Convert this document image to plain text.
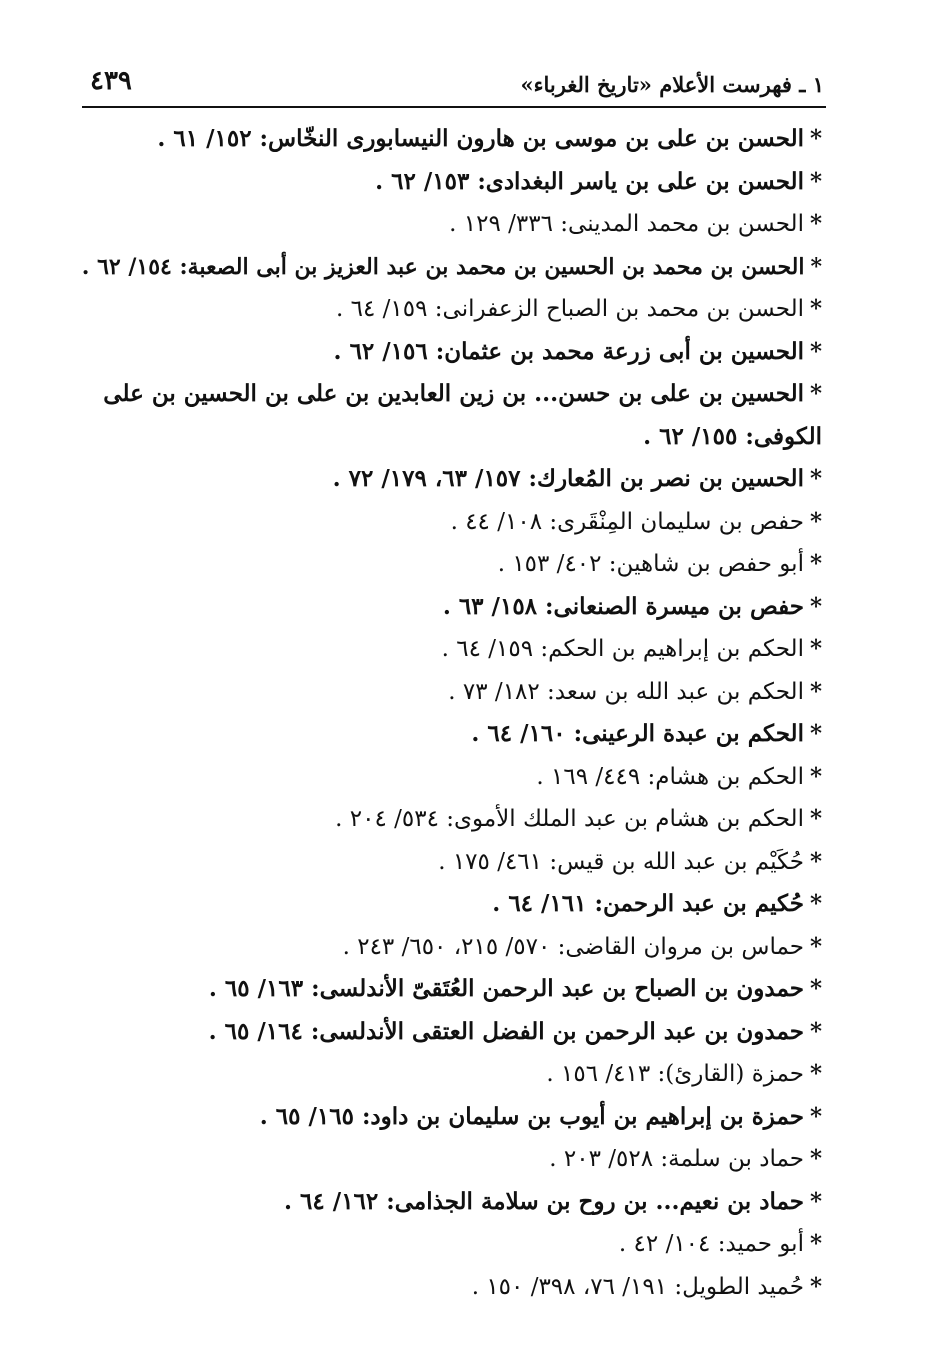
١ ـ فهرست الأعلام «تاريخ الغرباء»
٤٣٩
*الحسن بن على بن موسى بن هارون النيسابورى النخّاس: ١٥٢/ ٦١ .
*الحسن بن على بن ياسر البغدادى: ١٥٣/ ٦٢ .
*الحسن بن محمد المدينى: ٣٣٦/ ١٢٩ .
*الحسن بن محمد بن الحسين بن محمد بن عبد العزيز بن أبى الصعبة: ١٥٤/ ٦٢ .
*الحسن بن محمد بن الصباح الزعفرانى: ١٥٩/ ٦٤ .
*الحسين بن أبى زرعة محمد بن عثمان: ١٥٦/ ٦٢ .
*الحسين بن على بن حسن... بن زين العابدين بن على بن الحسين بن على الكوفى: ١٥٥/ ٦٢ .
*الحسين بن نصر بن المُعارك: ١٥٧/ ٦٣، ١٧٩/ ٧٢ .
*حفص بن سليمان المِنْقَرى: ١٠٨/ ٤٤ .
*أبو حفص بن شاهين: ٤٠٢/ ١٥٣ .
*حفص بن ميسرة الصنعانى: ١٥٨/ ٦٣ .
*الحكم بن إبراهيم بن الحكم: ١٥٩/ ٦٤ .
*الحكم بن عبد الله بن سعد: ١٨٢/ ٧٣ .
*الحكم بن عبدة الرعينى: ١٦٠/ ٦٤ .
*الحكم بن هشام: ٤٤٩/ ١٦٩ .
*الحكم بن هشام بن عبد الملك الأموى: ٥٣٤/ ٢٠٤ .
*حُكَيْم بن عبد الله بن قيس: ٤٦١/ ١٧٥ .
*حُكيم بن عبد الرحمن: ١٦١/ ٦٤ .
*حماس بن مروان القاضى: ٥٧٠/ ٢١٥، ٦٥٠/ ٢٤٣ .
*حمدون بن الصباح بن عبد الرحمن العُتَقىّ الأندلسى: ١٦٣/ ٦٥ .
*حمدون بن عبد الرحمن بن الفضل العتقى الأندلسى: ١٦٤/ ٦٥ .
*حمزة (القارئ): ٤١٣/ ١٥٦ .
*حمزة بن إبراهيم بن أيوب بن سليمان بن داود: ١٦٥/ ٦٥ .
*حماد بن سلمة: ٥٢٨/ ٢٠٣ .
*حماد بن نعيم... بن روح بن سلامة الجذامى: ١٦٢/ ٦٤ .
*أبو حميد: ١٠٤/ ٤٢ .
*حُميد الطويل: ١٩١/ ٧٦، ٣٩٨/ ١٥٠ .
